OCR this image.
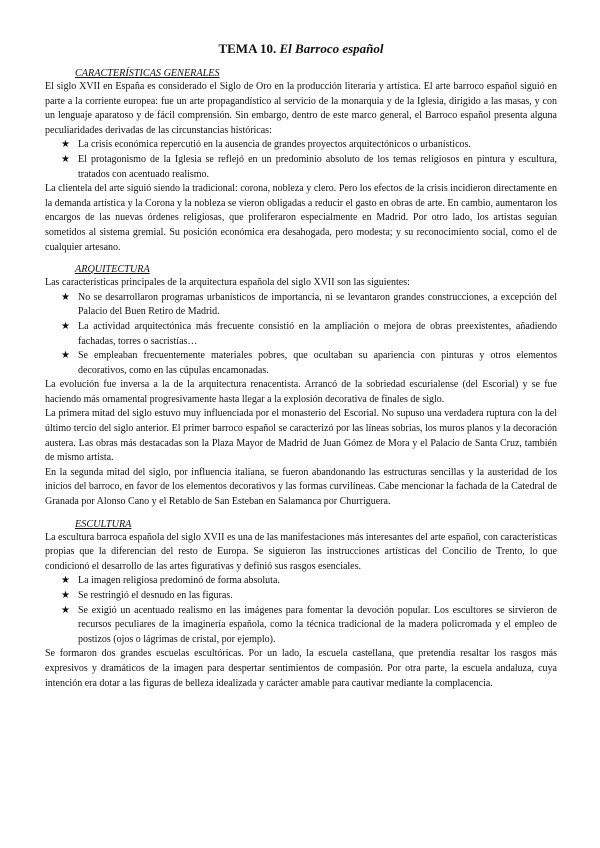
TEMA 10. El Barroco español
CARACTERÍSTICAS GENERALES

El siglo XVII en España es considerado el Siglo de Oro en la producción literaria y artística. El arte barroco español siguió en parte a la corriente europea: fue un arte propagandístico al servicio de la monarquía y de la Iglesia, dirigido a las masas, y con un lenguaje aparatoso y de fácil comprensión. Sin embargo, dentro de este marco general, el Barroco español presenta alguna peculiaridades derivadas de las circunstancias históricas:

★ La crisis económica repercutió en la ausencia de grandes proyectos arquitectónicos o urbanísticos.
★ El protagonismo de la Iglesia se reflejó en un predominio absoluto de los temas religiosos en pintura y escultura, tratados con acentuado realismo.

La clientela del arte siguió siendo la tradicional: corona, nobleza y clero. Pero los efectos de la crisis incidieron directamente en la demanda artística y la Corona y la nobleza se vieron obligadas a reducir el gasto en obras de arte. En cambio, aumentaron los encargos de las nuevas órdenes religiosas, que proliferaron especialmente en Madrid. Por otro lado, los artistas seguían sometidos al sistema gremial. Su posición económica era desahogada, pero modesta; y su reconocimiento social, como el de cualquier artesano.

ARQUITECTURA

Las características principales de la arquitectura española del siglo XVII son las siguientes:

★ No se desarrollaron programas urbanísticos de importancia, ni se levantaron grandes construcciones, a excepción del Palacio del Buen Retiro de Madrid.
★ La actividad arquitectónica más frecuente consistió en la ampliación o mejora de obras preexistentes, añadiendo fachadas, torres o sacristías…
★ Se empleaban frecuentemente materiales pobres, que ocultaban su apariencia con pinturas y otros elementos decorativos, como en las cúpulas encamonadas.

La evolución fue inversa a la de la arquitectura renacentista. Arrancó de la sobriedad escurialense (del Escorial) y se fue haciendo más ornamental progresivamente hasta llegar a la explosión decorativa de finales de siglo.

La primera mitad del siglo estuvo muy influenciada por el monasterio del Escorial. No supuso una verdadera ruptura con la del último tercio del siglo anterior. El primer barroco español se caracterizó por las líneas sobrias, los muros planos y la decoración austera. Las obras más destacadas son la Plaza Mayor de Madrid de Juan Gómez de Mora y el Palacio de Santa Cruz, también de mismo artista.

En la segunda mitad del siglo, por influencia italiana, se fueron abandonando las estructuras sencillas y la austeridad de los inicios del barroco, en favor de los elementos decorativos y las formas curvilíneas. Cabe mencionar la fachada de la Catedral de Granada por Alonso Cano y el Retablo de San Esteban en Salamanca por Churriguera.

ESCULTURA

La escultura barroca española del siglo XVII es una de las manifestaciones más interesantes del arte español, con características propias que la diferencian del resto de Europa. Se siguieron las instrucciones artísticas del Concilio de Trento, lo que condicionó el desarrollo de las artes figurativas y definió sus rasgos esenciales.

★ La imagen religiosa predominó de forma absoluta.
★ Se restringió el desnudo en las figuras.
★ Se exigió un acentuado realismo en las imágenes para fomentar la devoción popular. Los escultores se sirvieron de recursos peculiares de la imaginería española, como la técnica tradicional de la madera policromada y el empleo de postizos (ojos o lágrimas de cristal, por ejemplo).

Se formaron dos grandes escuelas escultóricas. Por un lado, la escuela castellana, que pretendía resaltar los rasgos más expresivos y dramáticos de la imagen para despertar sentimientos de compasión. Por otra parte, la escuela andaluza, cuya intención era dotar a las figuras de belleza idealizada y carácter amable para cautivar mediante la complacencia.
